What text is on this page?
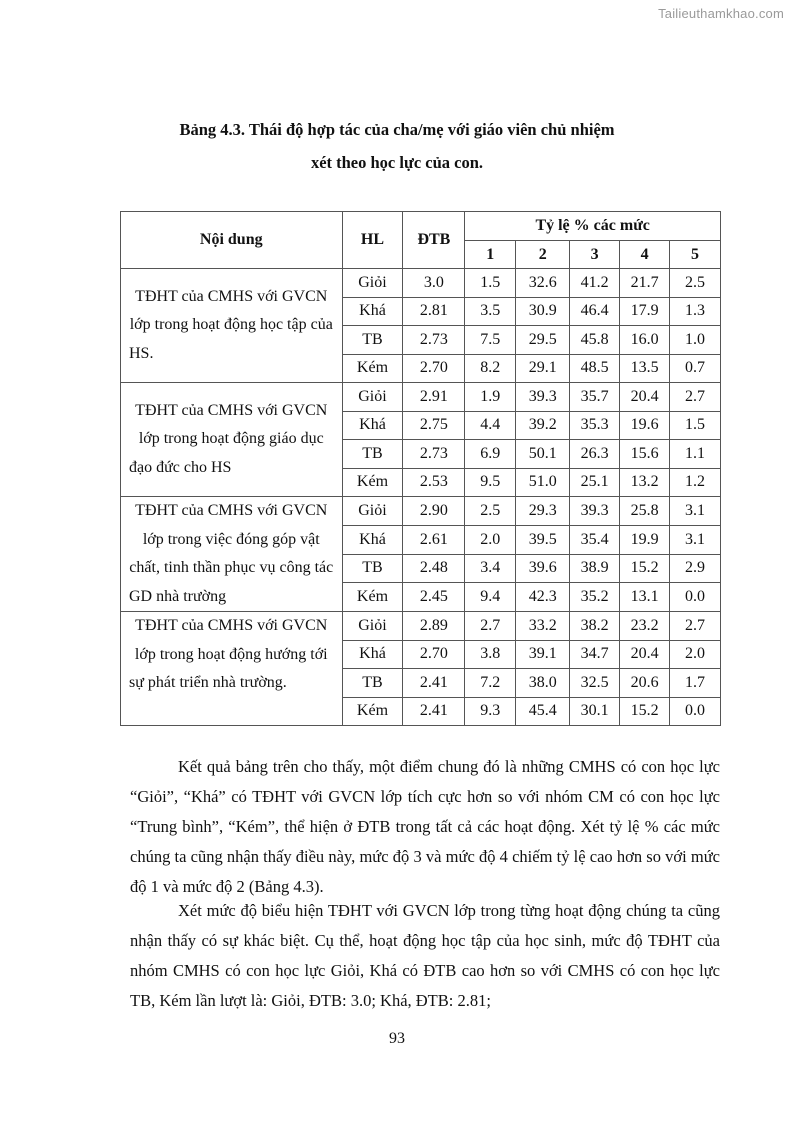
Tailieuthamkhao.com
Bảng 4.3. Thái độ hợp tác của cha/mẹ với giáo viên chủ nhiệm
xét theo học lực của con.
Nội dung	HL	ĐTB	Tỷ lệ % các mức				
			1	2	3	4	5
TĐHT của CMHS với GVCN lớp trong hoạt động học tập của HS.	Giỏi	3.0	1.5	32.6	41.2	21.7	2.5
	Khá	2.81	3.5	30.9	46.4	17.9	1.3
	TB	2.73	7.5	29.5	45.8	16.0	1.0
	Kém	2.70	8.2	29.1	48.5	13.5	0.7
TĐHT của CMHS với GVCN lớp trong hoạt động giáo dục đạo đức cho HS	Giỏi	2.91	1.9	39.3	35.7	20.4	2.7
	Khá	2.75	4.4	39.2	35.3	19.6	1.5
	TB	2.73	6.9	50.1	26.3	15.6	1.1
	Kém	2.53	9.5	51.0	25.1	13.2	1.2
TĐHT của CMHS với GVCN lớp trong việc đóng góp vật chất, tinh thần phục vụ công tác GD nhà trường	Giỏi	2.90	2.5	29.3	39.3	25.8	3.1
	Khá	2.61	2.0	39.5	35.4	19.9	3.1
	TB	2.48	3.4	39.6	38.9	15.2	2.9
	Kém	2.45	9.4	42.3	35.2	13.1	0.0
TĐHT của CMHS với GVCN lớp trong hoạt động hướng tới sự phát triển nhà trường.	Giỏi	2.89	2.7	33.2	38.2	23.2	2.7
	Khá	2.70	3.8	39.1	34.7	20.4	2.0
	TB	2.41	7.2	38.0	32.5	20.6	1.7
	Kém	2.41	9.3	45.4	30.1	15.2	0.0
Kết quả bảng trên cho thấy, một điểm chung đó là những CMHS có con học lực “Giỏi”, “Khá” có TĐHT với GVCN lớp tích cực hơn so với nhóm CM có con học lực “Trung bình”, “Kém”, thể hiện ở ĐTB trong tất cả các hoạt động. Xét tỷ lệ % các mức chúng ta cũng nhận thấy điều này, mức độ 3 và mức độ 4 chiếm tỷ lệ cao hơn so với mức độ 1 và mức độ 2 (Bảng 4.3).
Xét mức độ biểu hiện TĐHT với GVCN lớp trong từng hoạt động chúng ta cũng nhận thấy có sự khác biệt. Cụ thể, hoạt động học tập của học sinh, mức độ TĐHT của nhóm CMHS có con học lực Giỏi, Khá có ĐTB cao hơn so với CMHS có con học lực TB, Kém lần lượt là: Giỏi, ĐTB: 3.0; Khá, ĐTB: 2.81;
93
